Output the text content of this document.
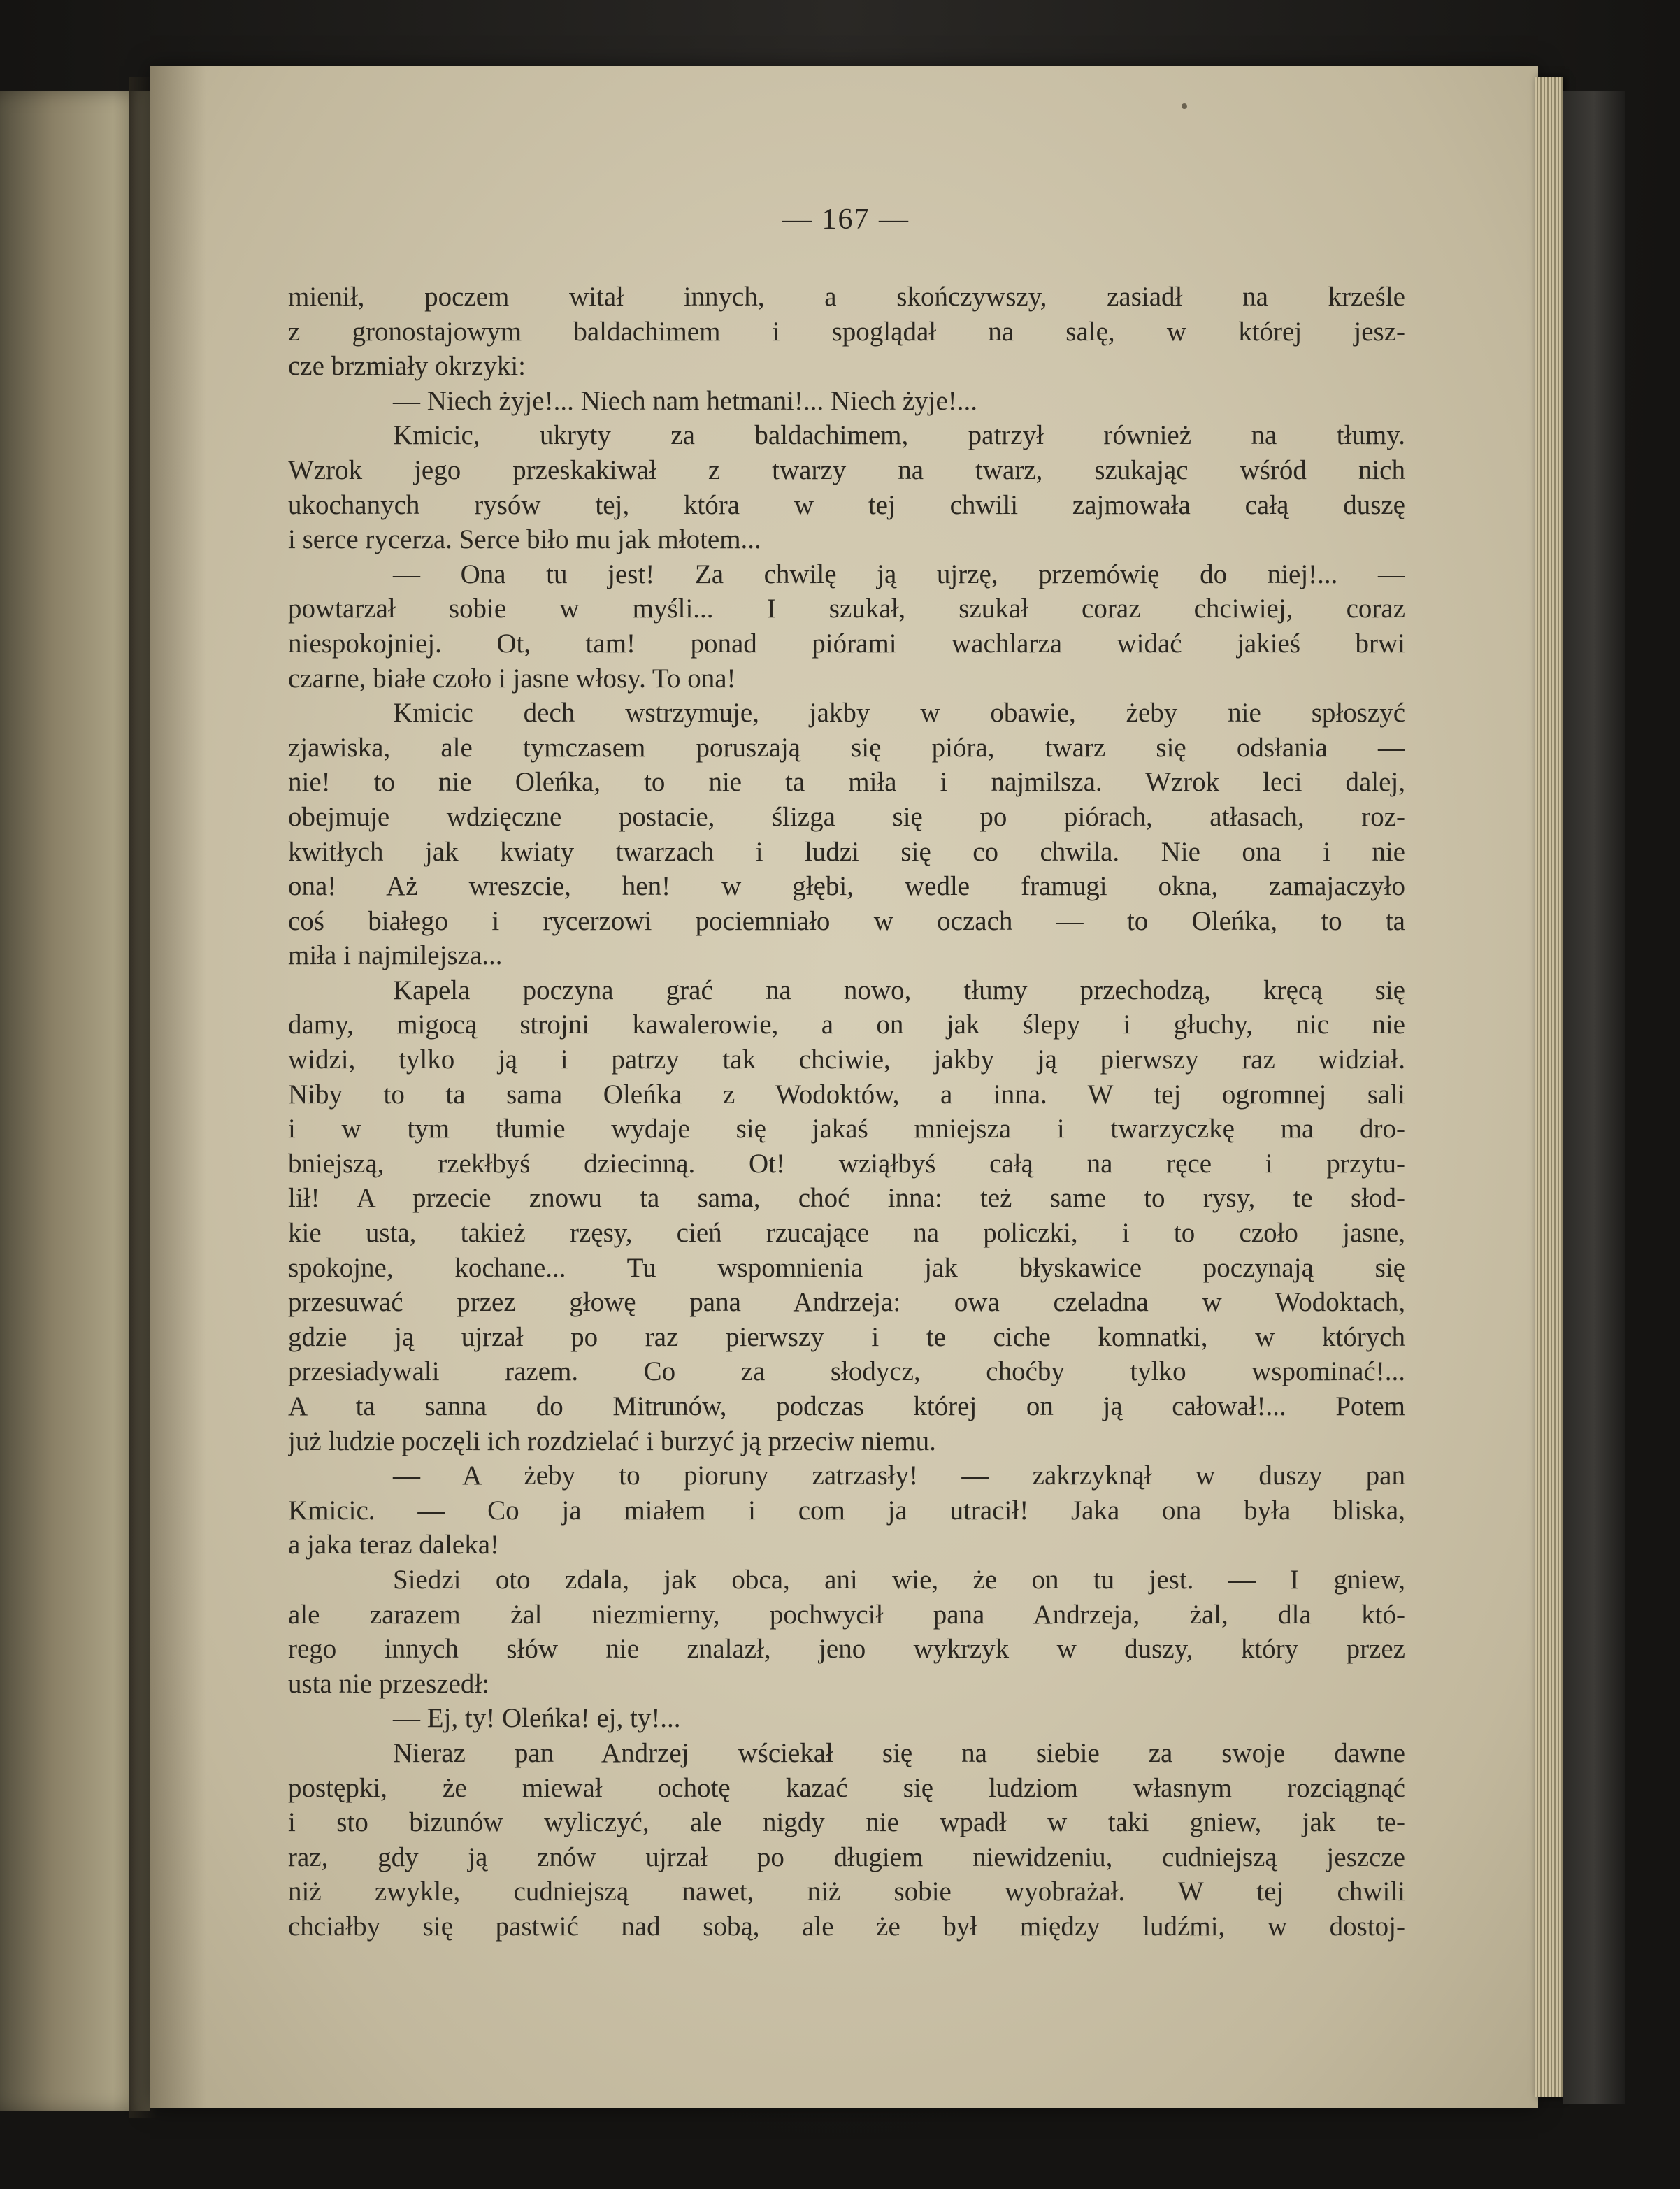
— 167 —
mienił, poczem witał innych, a skończywszy, zasiadł na krześle
z gronostajowym baldachimem i spoglądał na salę, w której jesz-
cze brzmiały okrzyki:
— Niech żyje!... Niech nam hetmani!... Niech żyje!...
Kmicic, ukryty za baldachimem, patrzył również na tłumy.
Wzrok jego przeskakiwał z twarzy na twarz, szukając wśród nich
ukochanych rysów tej, która w tej chwili zajmowała całą duszę
i serce rycerza. Serce biło mu jak młotem...
— Ona tu jest! Za chwilę ją ujrzę, przemówię do niej!... —
powtarzał sobie w myśli... I szukał, szukał coraz chciwiej, coraz
niespokojniej. Ot, tam! ponad piórami wachlarza widać jakieś brwi
czarne, białe czoło i jasne włosy. To ona!
Kmicic dech wstrzymuje, jakby w obawie, żeby nie spłoszyć
zjawiska, ale tymczasem poruszają się pióra, twarz się odsłania —
nie! to nie Oleńka, to nie ta miła i najmilsza. Wzrok leci dalej,
obejmuje wdzięczne postacie, ślizga się po piórach, atłasach, roz-
kwitłych jak kwiaty twarzach i ludzi się co chwila. Nie ona i nie
ona! Aż wreszcie, hen! w głębi, wedle framugi okna, zamajaczyło
coś białego i rycerzowi pociemniało w oczach — to Oleńka, to ta
miła i najmilejsza...
Kapela poczyna grać na nowo, tłumy przechodzą, kręcą się
damy, migocą strojni kawalerowie, a on jak ślepy i głuchy, nic nie
widzi, tylko ją i patrzy tak chciwie, jakby ją pierwszy raz widział.
Niby to ta sama Oleńka z Wodoktów, a inna. W tej ogromnej sali
i w tym tłumie wydaje się jakaś mniejsza i twarzyczkę ma dro-
bniejszą, rzekłbyś dziecinną. Ot! wziąłbyś całą na ręce i przytu-
lił! A przecie znowu ta sama, choć inna: też same to rysy, te słod-
kie usta, takież rzęsy, cień rzucające na policzki, i to czoło jasne,
spokojne, kochane... Tu wspomnienia jak błyskawice poczynają się
przesuwać przez głowę pana Andrzeja: owa czeladna w Wodoktach,
gdzie ją ujrzał po raz pierwszy i te ciche komnatki, w których
przesiadywali razem. Co za słodycz, choćby tylko wspominać!...
A ta sanna do Mitrunów, podczas której on ją całował!... Potem
już ludzie poczęli ich rozdzielać i burzyć ją przeciw niemu.
— A żeby to pioruny zatrzasły! — zakrzyknął w duszy pan
Kmicic. — Co ja miałem i com ja utracił! Jaka ona była bliska,
a jaka teraz daleka!
Siedzi oto zdala, jak obca, ani wie, że on tu jest. — I gniew,
ale zarazem żal niezmierny, pochwycił pana Andrzeja, żal, dla któ-
rego innych słów nie znalazł, jeno wykrzyk w duszy, który przez
usta nie przeszedł:
— Ej, ty! Oleńka! ej, ty!...
Nieraz pan Andrzej wściekał się na siebie za swoje dawne
postępki, że miewał ochotę kazać się ludziom własnym rozciągnąć
i sto bizunów wyliczyć, ale nigdy nie wpadł w taki gniew, jak te-
raz, gdy ją znów ujrzał po długiem niewidzeniu, cudniejszą jeszcze
niż zwykle, cudniejszą nawet, niż sobie wyobrażał. W tej chwili
chciałby się pastwić nad sobą, ale że był między ludźmi, w dostoj-
